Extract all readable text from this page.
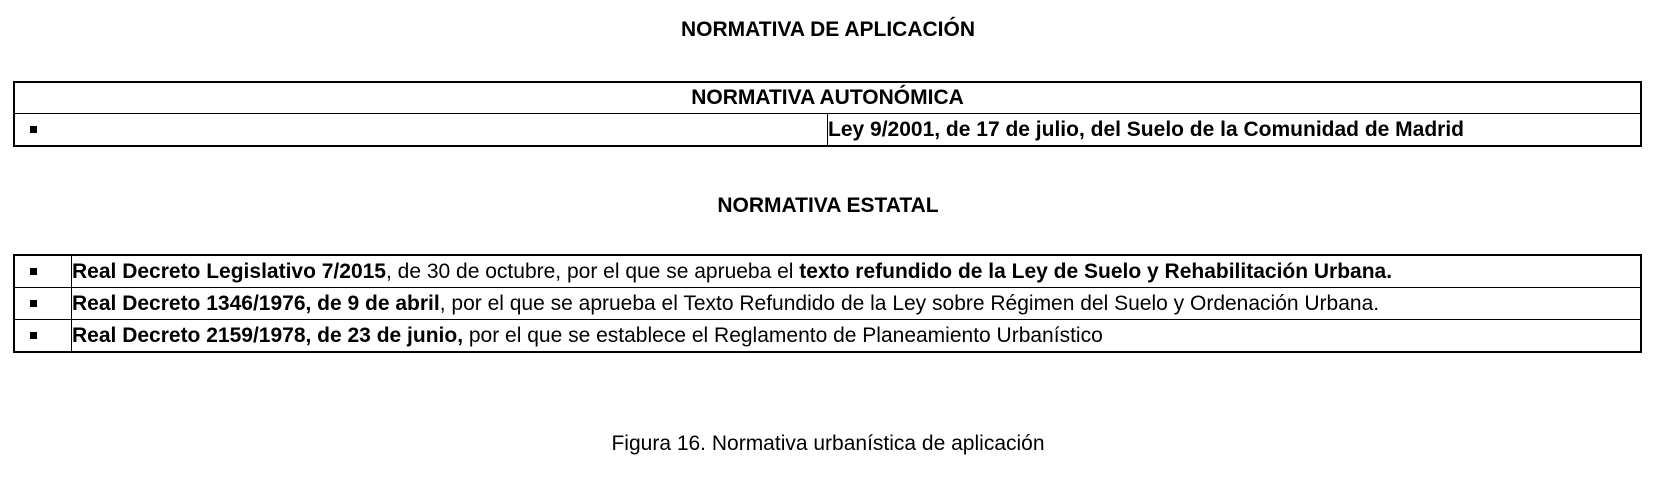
NORMATIVA DE APLICACIÓN
NORMATIVA AUTONÓMICA

	Ley 9/2001, de 17 de julio, del Suelo de la Comunidad de Madrid
NORMATIVA ESTATAL
	Real Decreto Legislativo 7/2015, de 30 de octubre, por el que se aprueba el texto refundido de la Ley de Suelo y Rehabilitación Urbana.

	Real Decreto 1346/1976, de 9 de abril, por el que se aprueba el Texto Refundido de la Ley sobre Régimen del Suelo y Ordenación Urbana.

	Real Decreto 2159/1978, de 23 de junio, por el que se establece el Reglamento de Planeamiento Urbanístico
Figura 16. Normativa urbanística de aplicación
